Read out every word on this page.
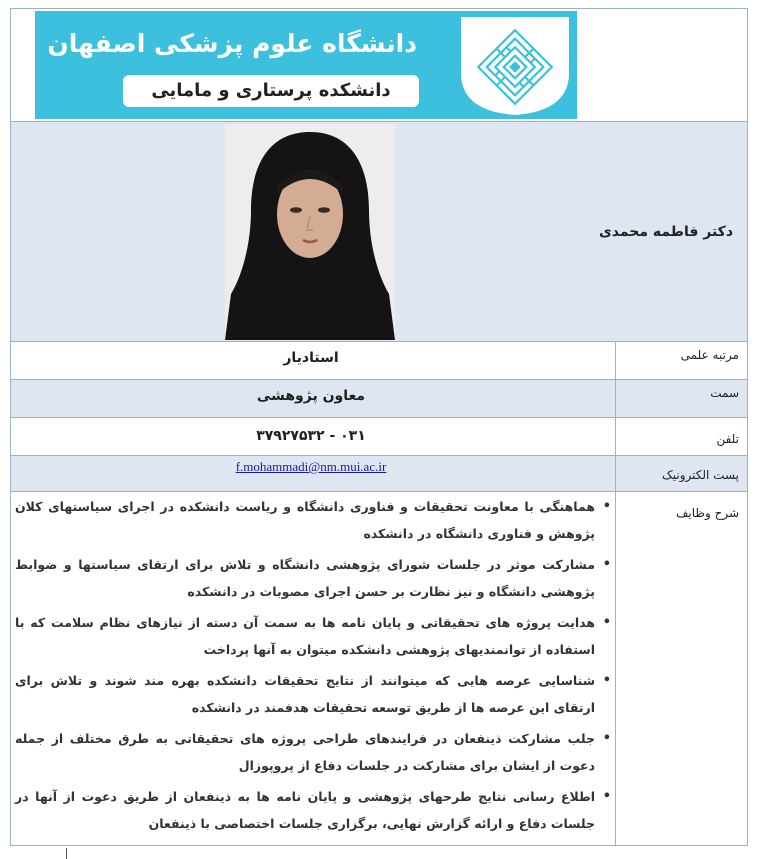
دانشگاه علوم پزشکی اصفهان
دانشکده پرستاری و مامایی
دکتر فاطمه محمدی
مرتبه علمی
استادیار
سمت
معاون پژوهشی
تلفن
۰۳۱ - ۳۷۹۲۷۵۳۲
پست الکترونیک
f.mohammadi@nm.mui.ac.ir
شرح وظایف
• هماهنگی با معاونت تحقیقات و فناوری دانشگاه و ریاست دانشکده در اجرای سیاستهای کلان پژوهش و فناوری دانشگاه در دانشکده
• مشارکت موثر در جلسات شورای پژوهشی دانشگاه و تلاش برای ارتقای سیاستها و ضوابط پژوهشی دانشگاه و نیز نظارت بر حسن اجرای مصوبات در دانشکده
• هدایت پروژه های تحقیقاتی و پایان نامه ها به سمت آن دسته از نیازهای نظام سلامت که با استفاده از توانمندیهای پژوهشی دانشکده میتوان به آنها پرداخت
• شناسایی عرصه هایی که میتوانند از نتایج تحقیقات دانشکده بهره مند شوند و تلاش برای ارتقای این عرصه ها از طریق توسعه تحقیقات هدفمند در دانشکده
• جلب مشارکت ذینفعان در فرایندهای طراحی پروژه های تحقیقاتی به طرق مختلف از جمله دعوت از ایشان برای مشارکت در جلسات دفاع از پروپوزال
• اطلاع رسانی نتایج طرحهای پژوهشی و پایان نامه ها به ذینفعان از طریق دعوت از آنها در جلسات دفاع و ارائه گزارش نهایی، برگزاری جلسات اختصاصی با ذینفعان
